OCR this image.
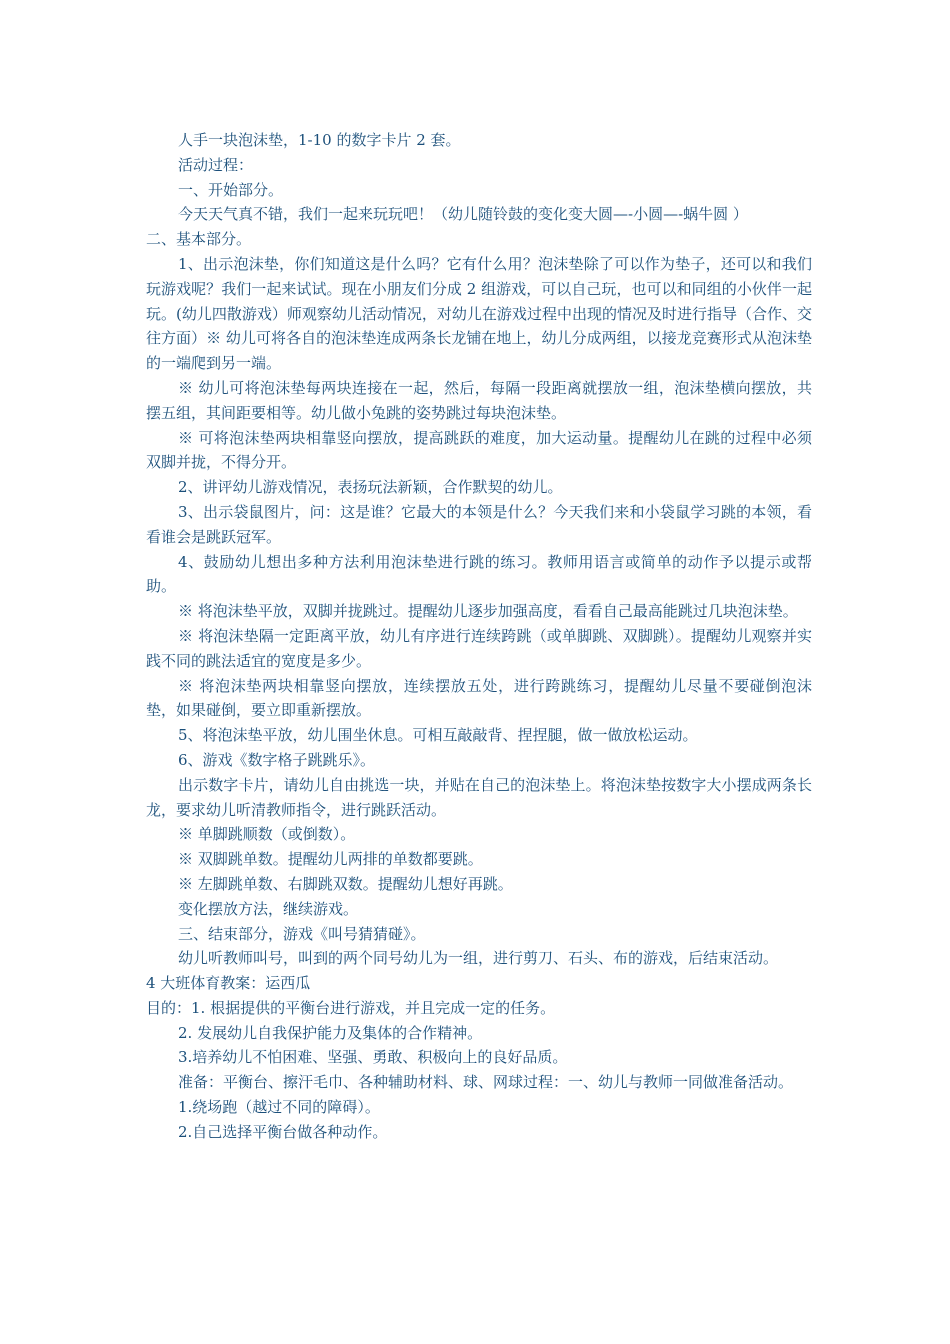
人手一块泡沫垫，1-10 的数字卡片 2 套。

活动过程：

一、开始部分。

今天天气真不错，我们一起来玩玩吧！（幼儿随铃鼓的变化变大圆—-小圆—-蜗牛圆 ）

二、基本部分。

1、出示泡沫垫，你们知道这是什么吗？它有什么用？泡沫垫除了可以作为垫子，还可以和我们玩游戏呢？我们一起来试试。现在小朋友们分成 2 组游戏，可以自己玩，也可以和同组的小伙伴一起玩。(幼儿四散游戏）师观察幼儿活动情况，对幼儿在游戏过程中出现的情况及时进行指导（合作、交 往方面）※ 幼儿可将各自的泡沫垫连成两条长龙铺在地上，幼儿分成两组，以接龙竞赛形式从泡沫垫的一端爬到另一端。

※ 幼儿可将泡沫垫每两块连接在一起，然后，每隔一段距离就摆放一组，泡沫垫横向摆放，共摆五组，其间距要相等。幼儿做小兔跳的姿势跳过每块泡沫垫。

※ 可将泡沫垫两块相靠竖向摆放，提高跳跃的难度，加大运动量。提醒幼儿在跳的过程中必须双脚并拢，不得分开。

2、讲评幼儿游戏情况，表扬玩法新颖，合作默契的幼儿。

3、出示袋鼠图片，问：这是谁？它最大的本领是什么？今天我们来和小袋鼠学习跳的本领，看看谁会是跳跃冠军。

4、鼓励幼儿想出多种方法利用泡沫垫进行跳的练习。教师用语言或简单的动作予以提示或帮助。

※ 将泡沫垫平放，双脚并拢跳过。提醒幼儿逐步加强高度，看看自己最高能跳过几块泡沫垫。

※ 将泡沫垫隔一定距离平放，幼儿有序进行连续跨跳（或单脚跳、双脚跳）。提醒幼儿观察并实践不同的跳法适宜的宽度是多少。

※ 将泡沫垫两块相靠竖向摆放，连续摆放五处，进行跨跳练习，提醒幼儿尽量不要碰倒泡沫垫，如果碰倒，要立即重新摆放。

5、将泡沫垫平放，幼儿围坐休息。可相互敲敲背、捏捏腿，做一做放松运动。

6、游戏《数字格子跳跳乐》。

出示数字卡片，请幼儿自由挑选一块，并贴在自己的泡沫垫上。将泡沫垫按数字大小摆成两条长龙，要求幼儿听清教师指令，进行跳跃活动。

※ 单脚跳顺数（或倒数）。

※ 双脚跳单数。提醒幼儿两排的单数都要跳。

※ 左脚跳单数、右脚跳双数。提醒幼儿想好再跳。

变化摆放方法，继续游戏。

三、结束部分，游戏《叫号猜猜碰》。

幼儿听教师叫号，叫到的两个同号幼儿为一组，进行剪刀、石头、布的游戏，后结束活动。

4 大班体育教案：运西瓜

目的：1. 根据提供的平衡台进行游戏，并且完成一定的任务。

2. 发展幼儿自我保护能力及集体的合作精神。

3.培养幼儿不怕困难、坚强、勇敢、积极向上的良好品质。

准备：平衡台、擦汗毛巾、各种辅助材料、球、网球过程：一、幼儿与教师一同做准备活动。

1.绕场跑（越过不同的障碍）。

2.自己选择平衡台做各种动作。
